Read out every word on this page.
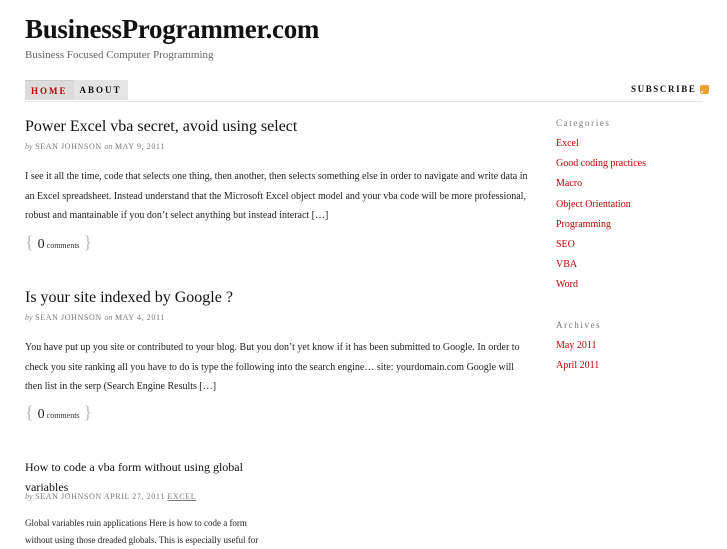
BusinessProgrammer.com
Business Focused Computer Programming
HOME	ABOUT	SUBSCRIBE
Power Excel vba secret, avoid using select
by SEAN JOHNSON on MAY 9, 2011
I see it all the time, code that selects one thing, then another, then selects something else in order to navigate and write data in an Excel spreadsheet. Instead understand that the Microsoft Excel object model and your vba code will be more professional, robust and mantainable if you don’t select anything but instead interact […]
{ 0 comments }
Is your site indexed by Google ?
by SEAN JOHNSON on MAY 4, 2011
You have put up you site or contributed to your blog. But you don’t yet know if it has been submitted to Google. In order to check you site ranking all you have to do is type the following into the search engine… site: yourdomain.com Google will then list in the serp (Search Engine Results […]
{ 0 comments }
How to code a vba form without using global variables
by SEAN JOHNSON APRIL 27, 2011 EXCEL
Global variables ruin applications Here is how to code a form without using those dreaded globals. This is especially useful for
Categories
Excel
Good coding practices
Macro
Object Orientation
Programming
SEO
VBA
Word
Archives
May 2011
April 2011
